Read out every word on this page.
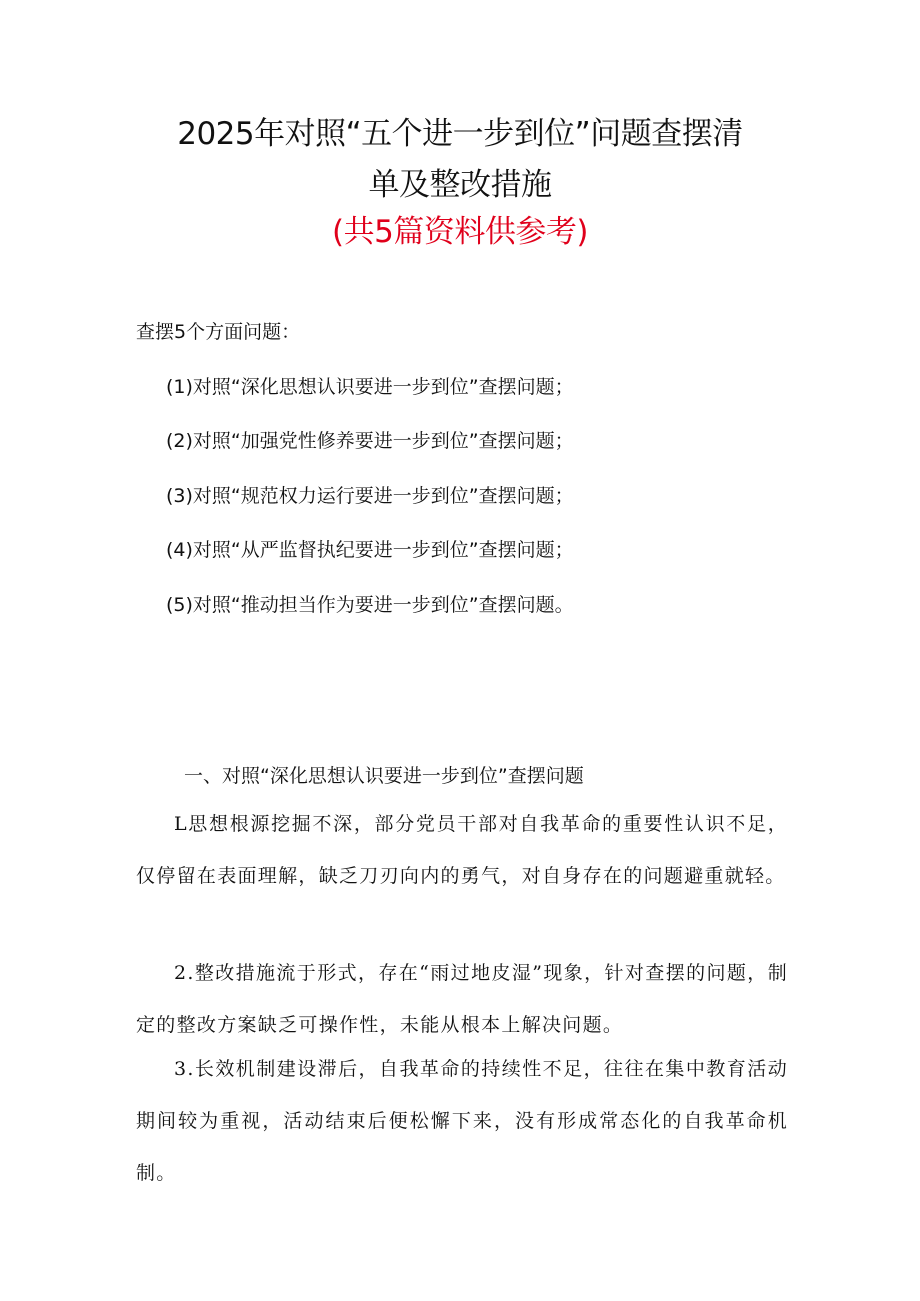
2025年对照“五个进一步到位”问题查摆清
单及整改措施
(共5篇资料供参考)
查摆5个方面问题：
(1)对照“深化思想认识要进一步到位”查摆问题；
(2)对照“加强党性修养要进一步到位”查摆问题；
(3)对照“规范权力运行要进一步到位”查摆问题；
(4)对照“从严监督执纪要进一步到位”查摆问题；
(5)对照“推动担当作为要进一步到位”查摆问题。
一、对照“深化思想认识要进一步到位”查摆问题
L思想根源挖掘不深，部分党员干部对自我革命的重要性认识不足，仅停留在表面理解，缺乏刀刃向内的勇气，对自身存在的问题避重就轻。
2.整改措施流于形式，存在“雨过地皮湿”现象，针对查摆的问题，制定的整改方案缺乏可操作性，未能从根本上解决问题。
3.长效机制建设滞后，自我革命的持续性不足，往往在集中教育活动期间较为重视，活动结束后便松懈下来，没有形成常态化的自我革命机制。
